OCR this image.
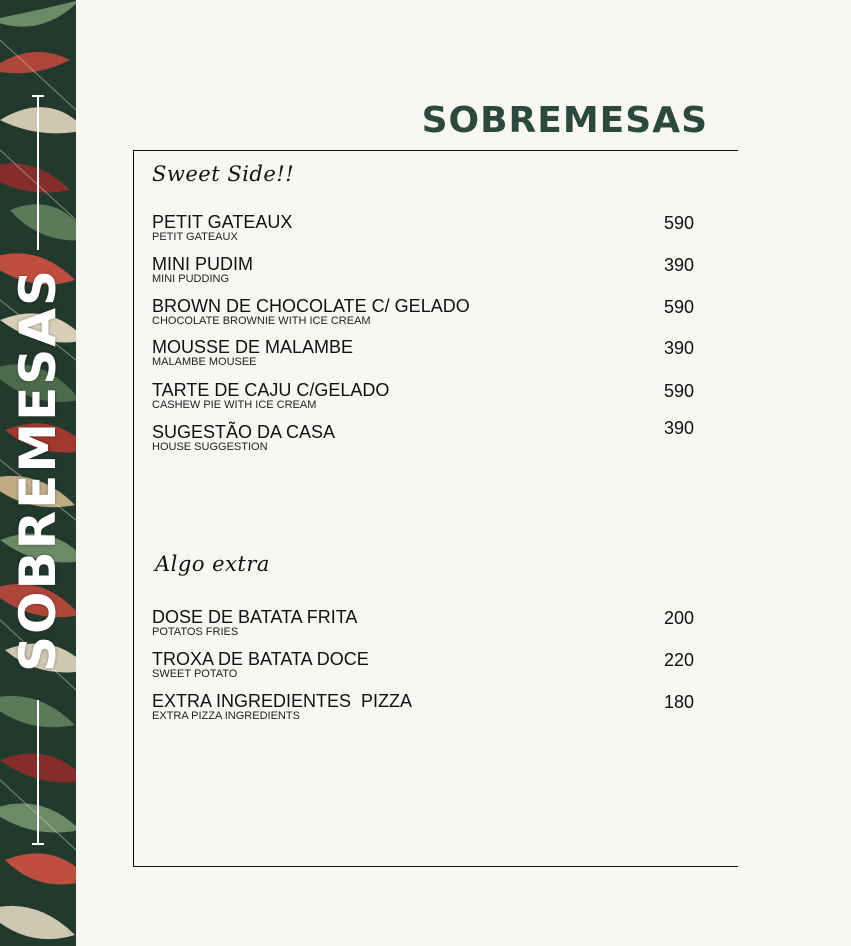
SOBREMESAS
SOBREMESAS
Sweet Side!!
PETIT GATEAUX
PETIT GATEAUX
590
MINI PUDIM
MINI PUDDING
390
BROWN DE CHOCOLATE C/ GELADO
CHOCOLATE BROWNIE WITH ICE CREAM
590
MOUSSE DE MALAMBE
MALAMBE MOUSEE
390
TARTE DE CAJU C/GELADO
CASHEW PIE WITH ICE CREAM
590
SUGESTÃO DA CASA
HOUSE SUGGESTION
390
Algo extra
DOSE DE BATATA FRITA
POTATOS FRIES
200
TROXA DE BATATA DOCE
SWEET POTATO
220
EXTRA INGREDIENTES  PIZZA
EXTRA PIZZA INGREDIENTS
180
